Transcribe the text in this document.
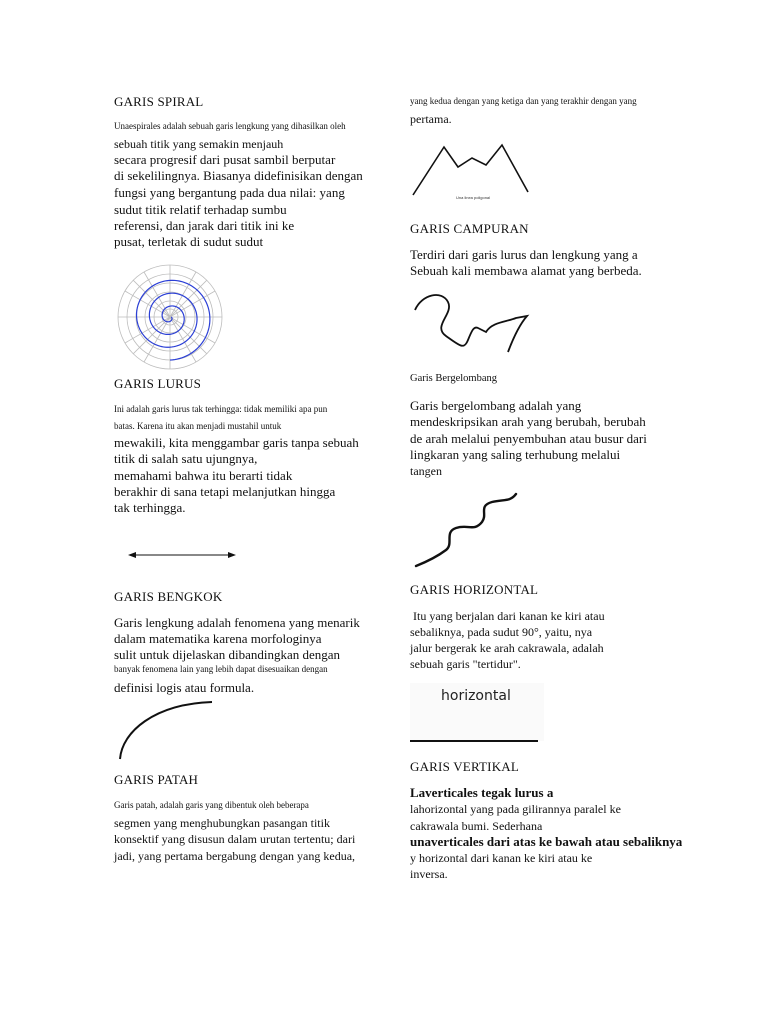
GARIS SPIRAL
Unaespirales adalah sebuah garis lengkung yang dihasilkan oleh
sebuah titik yang semakin menjauh
secara progresif dari pusat sambil berputar
di sekelilingnya. Biasanya didefinisikan dengan
fungsi yang bergantung pada dua nilai: yang
sudut titik relatif terhadap sumbu
referensi, dan jarak dari titik ini ke
pusat, terletak di sudut sudut
GARIS LURUS
Ini adalah garis lurus tak terhingga: tidak memiliki apa pun
batas. Karena itu akan menjadi mustahil untuk
mewakili, kita menggambar garis tanpa sebuah
titik di salah satu ujungnya,
memahami bahwa itu berarti tidak
berakhir di sana tetapi melanjutkan hingga
tak terhingga.
GARIS BENGKOK
Garis lengkung adalah fenomena yang menarik
dalam matematika karena morfologinya
sulit untuk dijelaskan dibandingkan dengan
banyak fenomena lain yang lebih dapat disesuaikan dengan
definisi logis atau formula.
GARIS PATAH
Garis patah, adalah garis yang dibentuk oleh beberapa
segmen yang menghubungkan pasangan titik
konsektif yang disusun dalam urutan tertentu; dari
jadi, yang pertama bergabung dengan yang kedua,
yang kedua dengan yang ketiga dan yang terakhir dengan yang
pertama.
Una linea poligonal
GARIS CAMPURAN
Terdiri dari garis lurus dan lengkung yang a
Sebuah kali membawa alamat yang berbeda.
Garis Bergelombang
Garis bergelombang adalah yang
mendeskripsikan arah yang berubah, berubah
de arah melalui penyembuhan atau busur dari
lingkaran yang saling terhubung melalui
tangen
GARIS HORIZONTAL
Itu yang berjalan dari kanan ke kiri atau
sebaliknya, pada sudut 90°, yaitu, nya
jalur bergerak ke arah cakrawala, adalah
sebuah garis "tertidur".
horizontal
GARIS VERTIKAL
Laverticales tegak lurus a
lahorizontal yang pada gilirannya paralel ke
cakrawala bumi. Sederhana
unaverticales dari atas ke bawah atau sebaliknya
y horizontal dari kanan ke kiri atau ke
inversa.
